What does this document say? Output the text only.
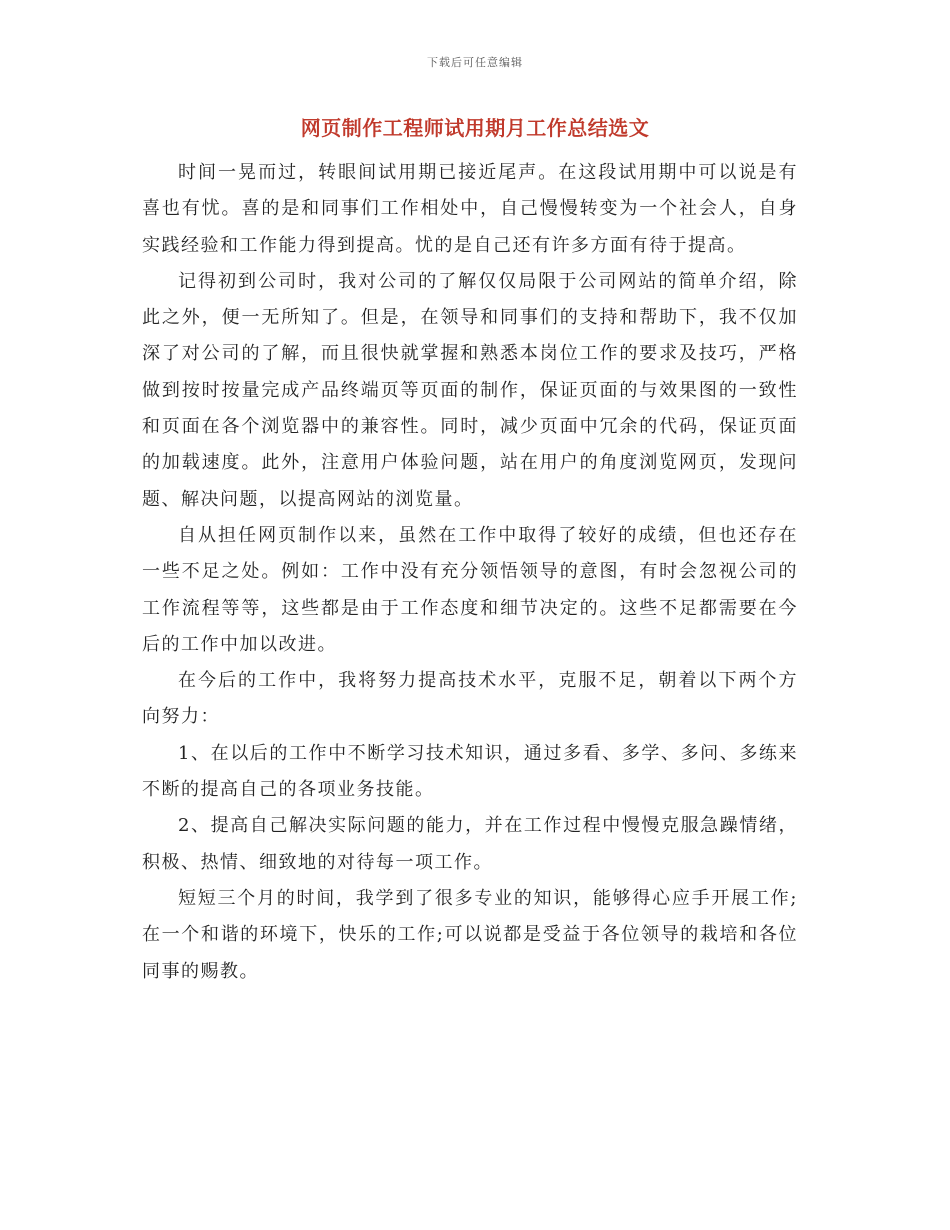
下载后可任意编辑
网页制作工程师试用期月工作总结选文

时间一晃而过，转眼间试用期已接近尾声。在这段试用期中可以说是有喜也有忧。喜的是和同事们工作相处中，自己慢慢转变为一个社会人，自身实践经验和工作能力得到提高。忧的是自己还有许多方面有待于提高。

记得初到公司时，我对公司的了解仅仅局限于公司网站的简单介绍，除此之外，便一无所知了。但是，在领导和同事们的支持和帮助下，我不仅加深了对公司的了解，而且很快就掌握和熟悉本岗位工作的要求及技巧，严格做到按时按量完成产品终端页等页面的制作，保证页面的与效果图的一致性和页面在各个浏览器中的兼容性。同时，减少页面中冗余的代码，保证页面的加载速度。此外，注意用户体验问题，站在用户的角度浏览网页，发现问题、解决问题，以提高网站的浏览量。

自从担任网页制作以来，虽然在工作中取得了较好的成绩，但也还存在一些不足之处。例如：工作中没有充分领悟领导的意图，有时会忽视公司的工作流程等等，这些都是由于工作态度和细节决定的。这些不足都需要在今后的工作中加以改进。

在今后的工作中，我将努力提高技术水平，克服不足，朝着以下两个方向努力：

1、在以后的工作中不断学习技术知识，通过多看、多学、多问、多练来不断的提高自己的各项业务技能。

2、提高自己解决实际问题的能力，并在工作过程中慢慢克服急躁情绪，积极、热情、细致地的对待每一项工作。

短短三个月的时间，我学到了很多专业的知识，能够得心应手开展工作;在一个和谐的环境下，快乐的工作;可以说都是受益于各位领导的栽培和各位同事的赐教。
